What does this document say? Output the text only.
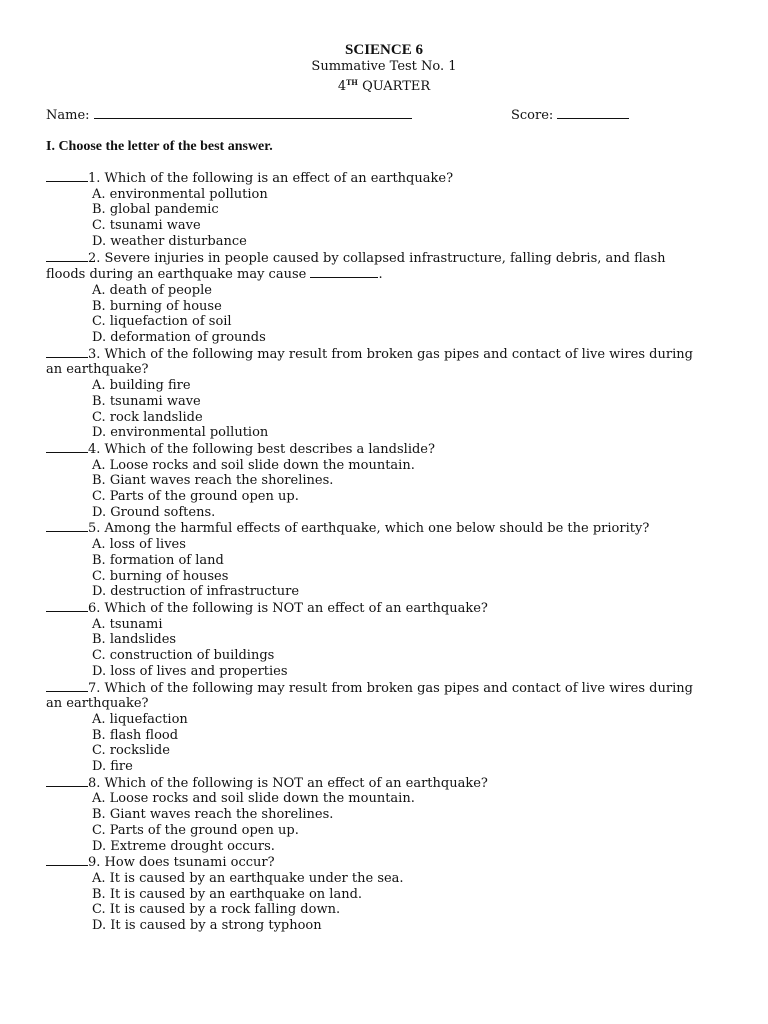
SCIENCE 6
Summative Test No. 1
4TH QUARTER
Name:	Score:
I. Choose the letter of the best answer.
1. Which of the following is an effect of an earthquake?
A. environmental pollution
B. global pandemic
C. tsunami wave
D. weather disturbance
2. Severe injuries in people caused by collapsed infrastructure, falling debris, and flash
floods during an earthquake may cause	.
A. death of people
B. burning of house
C. liquefaction of soil
D. deformation of grounds
3. Which of the following may result from broken gas pipes and contact of live wires during
an earthquake?
A. building fire
B. tsunami wave
C. rock landslide
D. environmental pollution
4. Which of the following best describes a landslide?
A. Loose rocks and soil slide down the mountain.
B. Giant waves reach the shorelines.
C. Parts of the ground open up.
D. Ground softens.
5. Among the harmful effects of earthquake, which one below should be the priority?
A. loss of lives
B. formation of land
C. burning of houses
D. destruction of infrastructure
6. Which of the following is NOT an effect of an earthquake?
A. tsunami
B. landslides
C. construction of buildings
D. loss of lives and properties
7. Which of the following may result from broken gas pipes and contact of live wires during
an earthquake?
A. liquefaction
B. flash flood
C. rockslide
D. fire
8. Which of the following is NOT an effect of an earthquake?
A. Loose rocks and soil slide down the mountain.
B. Giant waves reach the shorelines.
C. Parts of the ground open up.
D. Extreme drought occurs.
9. How does tsunami occur?
A. It is caused by an earthquake under the sea.
B. It is caused by an earthquake on land.
C. It is caused by a rock falling down.
D. It is caused by a strong typhoon
